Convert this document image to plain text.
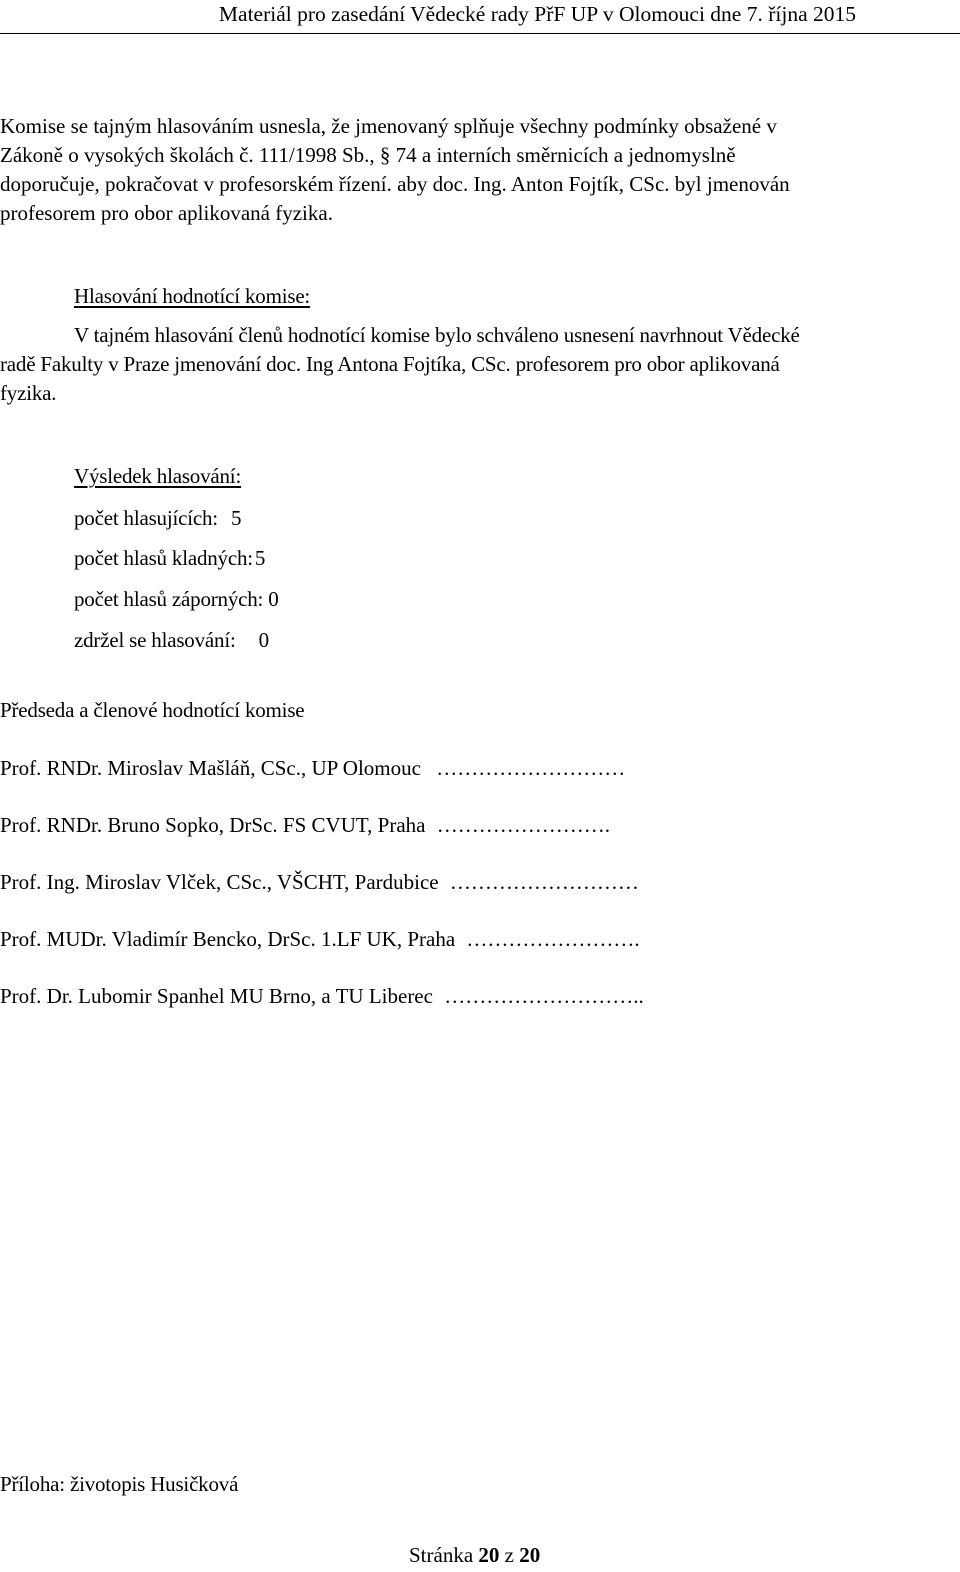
Materiál pro zasedání Vědecké rady PřF UP v Olomouci dne 7. října 2015
Komise se tajným hlasováním usnesla, že jmenovaný splňuje všechny podmínky obsažené v
Zákoně o vysokých školách č. 111/1998 Sb., § 74 a interních směrnicích a jednomyslně
doporučuje, pokračovat v profesorském řízení. aby doc. Ing. Anton Fojtík, CSc. byl jmenován
profesorem pro obor aplikovaná fyzika.
Hlasování hodnotící komise:
V tajném hlasování členů hodnotící komise bylo schváleno usnesení navrhnout Vědecké
radě Fakulty v Praze jmenování doc. Ing Antona Fojtíka, CSc. profesorem pro obor aplikovaná
fyzika.
Výsledek hlasování:
počet hlasujících: 5
počet hlasů kladných:5
počet hlasů záporných: 0
zdržel se hlasování: 0
Předseda a členové hodnotící komise
Prof. RNDr. Miroslav Mašláň, CSc., UP Olomouc ………………………
Prof. RNDr. Bruno Sopko, DrSc. FS CVUT, Praha …………………….
Prof. Ing. Miroslav Vlček, CSc., VŠCHT, Pardubice ………………………
Prof. MUDr. Vladimír Bencko, DrSc. 1.LF UK, Praha …………………….
Prof. Dr. Lubomir Spanhel MU Brno, a TU Liberec ………………………..
Příloha: životopis Husičková
Stránka 20 z 20
